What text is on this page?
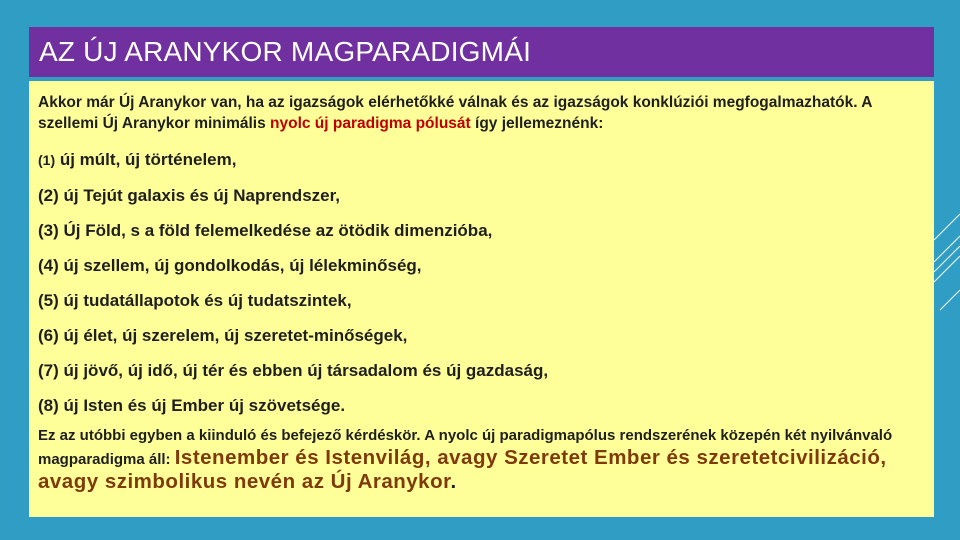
AZ ÚJ ARANYKOR MAGPARADIGMÁI

Akkor már Új Aranykor van, ha az igazságok elérhetőkké válnak és az igazságok konklúziói megfogalmazhatók. A szellemi Új Aranykor minimális nyolc új paradigma pólusát így jellemeznénk:

(1) új múlt, új történelem,
(2) új Tejút galaxis és új Naprendszer,
(3) Új Föld, s a föld felemelkedése az ötödik dimenzióba,
(4) új szellem, új gondolkodás, új lélekminőség,
(5) új tudatállapotok és új tudatszintek,
(6) új élet, új szerelem, új szeretet-minőségek,
(7) új jövő, új idő, új tér és ebben új társadalom és új gazdaság,
(8) új Isten és új Ember új szövetsége.

Ez az utóbbi egyben a kiinduló és befejező kérdéskör. A nyolc új paradigmapólus rendszerének közepén két nyilvánvaló magparadigma áll: Istenember és Istenvilág, avagy Szeretet Ember és szeretetcivilizáció, avagy szimbolikus nevén az Új Aranykor.
